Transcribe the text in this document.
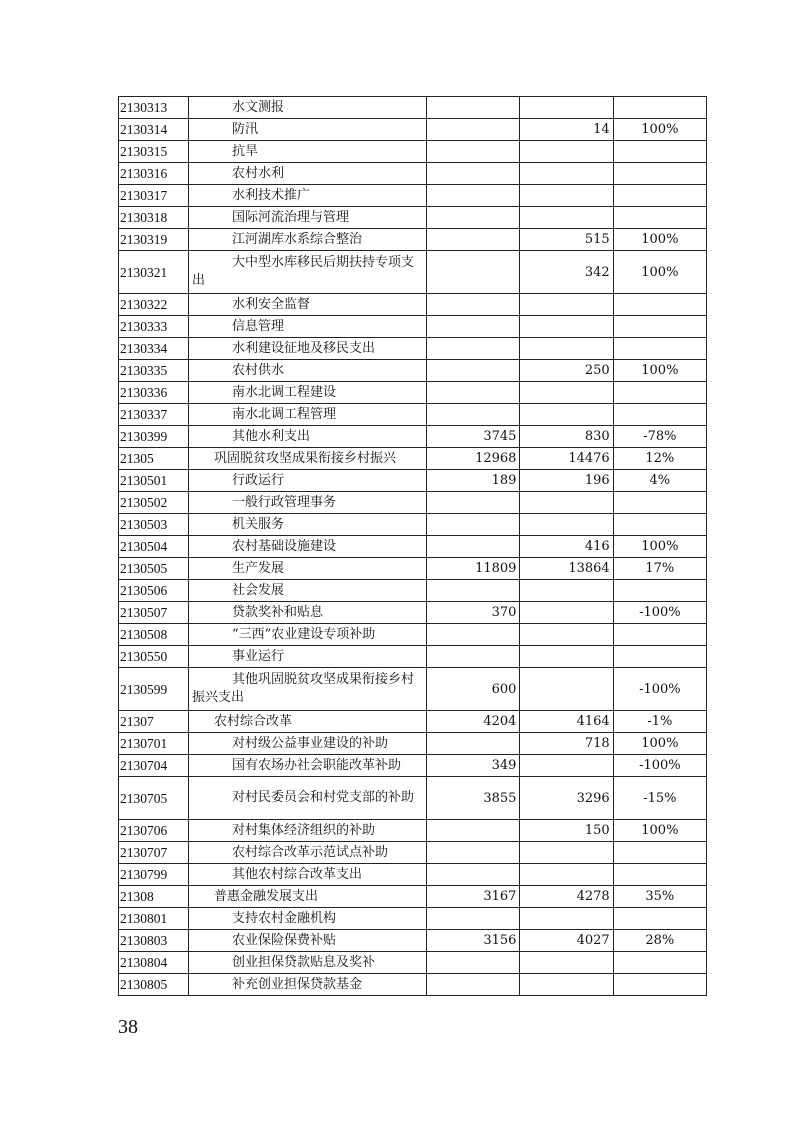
2130313	水文测报			

2130314	防汛		14	100%
2130315	抗旱			

2130316	农村水利			

2130317	水利技术推广			

2130318	国际河流治理与管理			

2130319	江河湖库水系综合整治		515	100%
2130321	大中型水库移民后期扶持专项支出		342	100%
2130322	水利安全监督			

2130333	信息管理			

2130334	水利建设征地及移民支出			

2130335	农村供水		250	100%
2130336	南水北调工程建设			

2130337	南水北调工程管理			

2130399	其他水利支出	3745	830	-78%
21305	巩固脱贫攻坚成果衔接乡村振兴	12968	14476	12%
2130501	行政运行	189	196	4%
2130502	一般行政管理事务			

2130503	机关服务			

2130504	农村基础设施建设		416	100%
2130505	生产发展	11809	13864	17%
2130506	社会发展			

2130507	贷款奖补和贴息	370		-100%
2130508	“三西”农业建设专项补助			

2130550	事业运行			

2130599	其他巩固脱贫攻坚成果衔接乡村振兴支出	600		-100%
21307	农村综合改革	4204	4164	-1%
2130701	对村级公益事业建设的补助		718	100%
2130704	国有农场办社会职能改革补助	349		-100%
2130705	对村民委员会和村党支部的补助	3855	3296	-15%
2130706	对村集体经济组织的补助		150	100%
2130707	农村综合改革示范试点补助			

2130799	其他农村综合改革支出			

21308	普惠金融发展支出	3167	4278	35%
2130801	支持农村金融机构			

2130803	农业保险保费补贴	3156	4027	28%
2130804	创业担保贷款贴息及奖补			

2130805	补充创业担保贷款基金			

38
